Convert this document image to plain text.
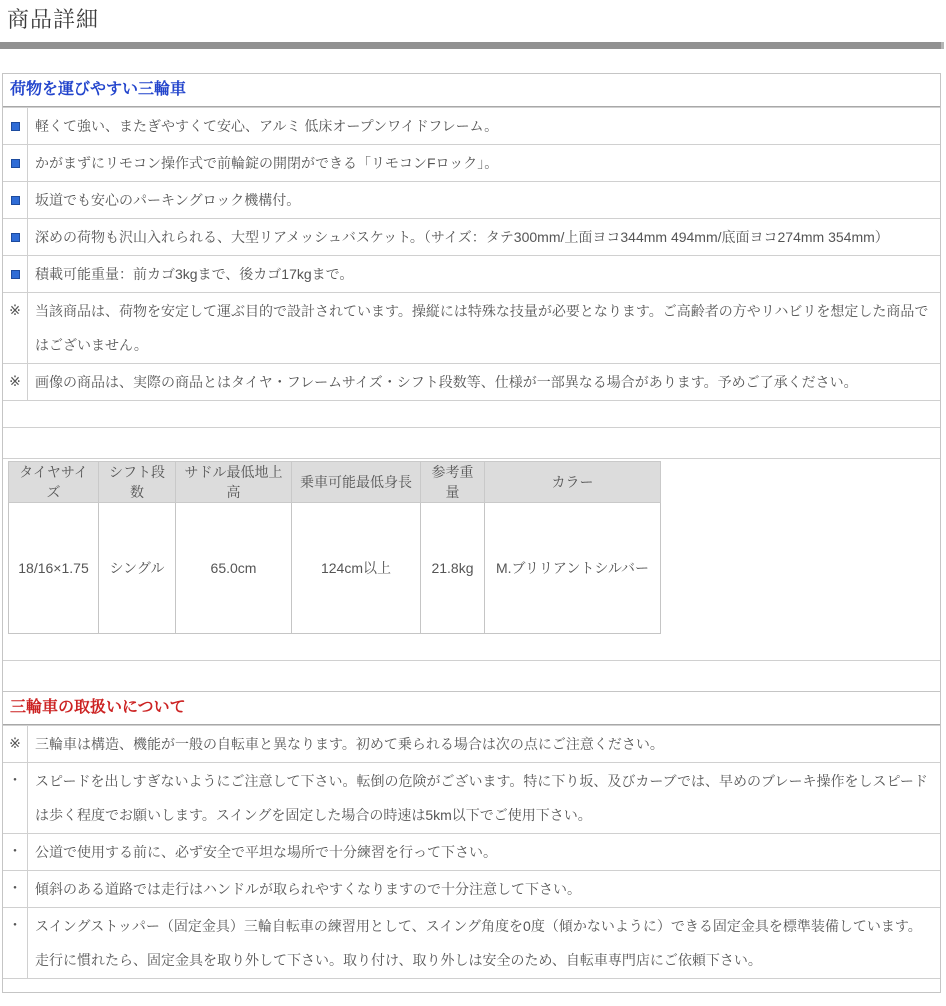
商品詳細
荷物を運びやすい三輪車
軽くて強い、またぎやすくて安心、アルミ 低床オープンワイドフレーム。
かがまずにリモコン操作式で前輪錠の開閉ができる「リモコンFロック」。
坂道でも安心のパーキングロック機構付。
深めの荷物も沢山入れられる、大型リアメッシュバスケット。（サイズ：タテ300mm/上面ヨコ344mm 494mm/底面ヨコ274mm 354mm）
積載可能重量：前カゴ3kgまで、後カゴ17kgまで。
※	当該商品は、荷物を安定して運ぶ目的で設計されています。操縦には特殊な技量が必要となります。ご高齢者の方やリハビリを想定した商品ではございません。
※	画像の商品は、実際の商品とはタイヤ・フレームサイズ・シフト段数等、仕様が一部異なる場合があります。予めご了承ください。
タイヤサイズ	シフト段数	サドル最低地上高	乗車可能最低身長	参考重量	カラー
18/16×1.75	シングル	65.0cm	124cm以上	21.8kg	M.ブリリアントシルバー
三輪車の取扱いについて
※	三輪車は構造、機能が一般の自転車と異なります。初めて乗られる場合は次の点にご注意ください。
・ スピードを出しすぎないようにご注意して下さい。転倒の危険がございます。特に下り坂、及びカーブでは、早めのブレーキ操作をしスピードは歩く程度でお願いします。スイングを固定した場合の時速は5km以下でご使用下さい。
・ 公道で使用する前に、必ず安全で平坦な場所で十分練習を行って下さい。
・ 傾斜のある道路では走行はハンドルが取られやすくなりますので十分注意して下さい。
・ スイングストッパー（固定金具）三輪自転車の練習用として、スイング角度を0度（傾かないように）できる固定金具を標準装備しています。走行に慣れたら、固定金具を取り外して下さい。取り付け、取り外しは安全のため、自転車専門店にご依頼下さい。
